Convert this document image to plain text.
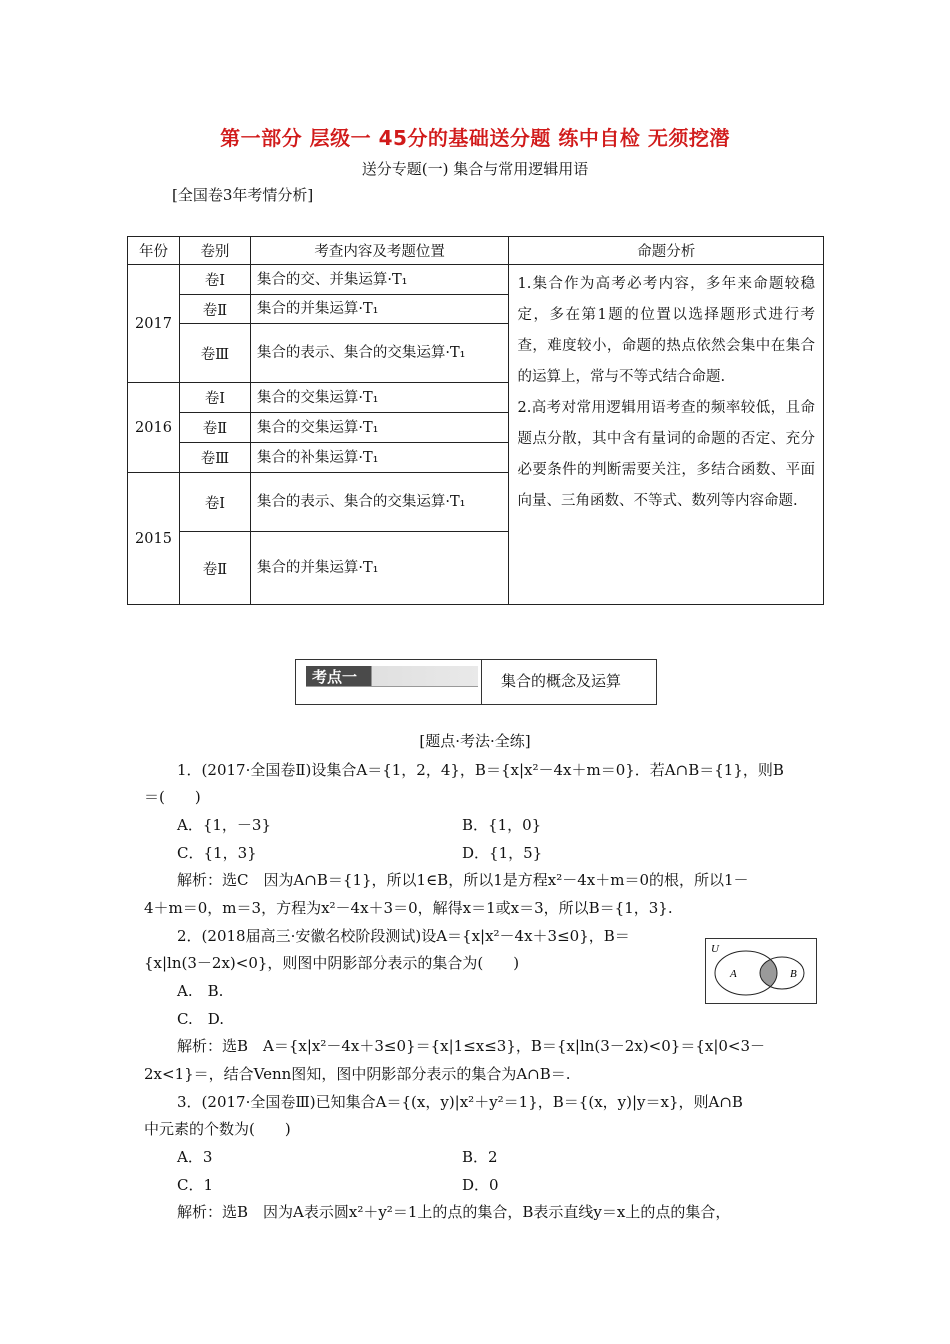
第一部分 层级一 45分的基础送分题 练中自检 无须挖潜
送分专题(一) 集合与常用逻辑用语
[全国卷3年考情分析]
年份	卷别	考查内容及考题位置	命题分析
2017	卷Ⅰ	集合的交、并集运算·T₁	1.集合作为高考必考内容，多年来命题较稳定，多在第1题的位置以选择题形式进行考查，难度较小，命题的热点依然会集中在集合的运算上，常与不等式结合命题.
2.高考对常用逻辑用语考查的频率较低，且命题点分散，其中含有量词的命题的否定、充分必要条件的判断需要关注，多结合函数、平面向量、三角函数、不等式、数列等内容命题.

	卷Ⅱ	集合的并集运算·T₁	
	卷Ⅲ	集合的表示、集合的交集运算·T₁	
2016	卷Ⅰ	集合的交集运算·T₁	
	卷Ⅱ	集合的交集运算·T₁	
	卷Ⅲ	集合的补集运算·T₁	
2015	卷Ⅰ	集合的表示、集合的交集运算·T₁	
	卷Ⅱ	集合的并集运算·T₁	
考点一	集合的概念及运算
[题点·考法·全练]
1．(2017·全国卷Ⅱ)设集合A＝{1，2，4}，B＝{x|x²－4x＋m＝0}．若A∩B＝{1}，则B
＝(　　)
A．{1，－3}	B．{1，0}
C．{1，3}	D．{1，5}
解析：选C　因为A∩B＝{1}，所以1∈B，所以1是方程x²－4x＋m＝0的根，所以1－
4＋m＝0，m＝3，方程为x²－4x＋3＝0，解得x＝1或x＝3，所以B＝{1，3}.
2．(2018届高三·安徽名校阶段测试)设A＝{x|x²－4x＋3≤0}，B＝
{x|ln(3－2x)<0}，则图中阴影部分表示的集合为(　　)
A.　B.
C.　D.
解析：选B　A＝{x|x²－4x＋3≤0}＝{x|1≤x≤3}，B＝{x|ln(3－2x)<0}＝{x|0<3－
2x<1}＝，结合Venn图知，图中阴影部分表示的集合为A∩B＝.
U
A	B
3．(2017·全国卷Ⅲ)已知集合A＝{(x，y)|x²＋y²＝1}，B＝{(x，y)|y＝x}，则A∩B
中元素的个数为(　　)
A．3	B．2
C．1	D．0
解析：选B　因为A表示圆x²＋y²＝1上的点的集合，B表示直线y＝x上的点的集合，
